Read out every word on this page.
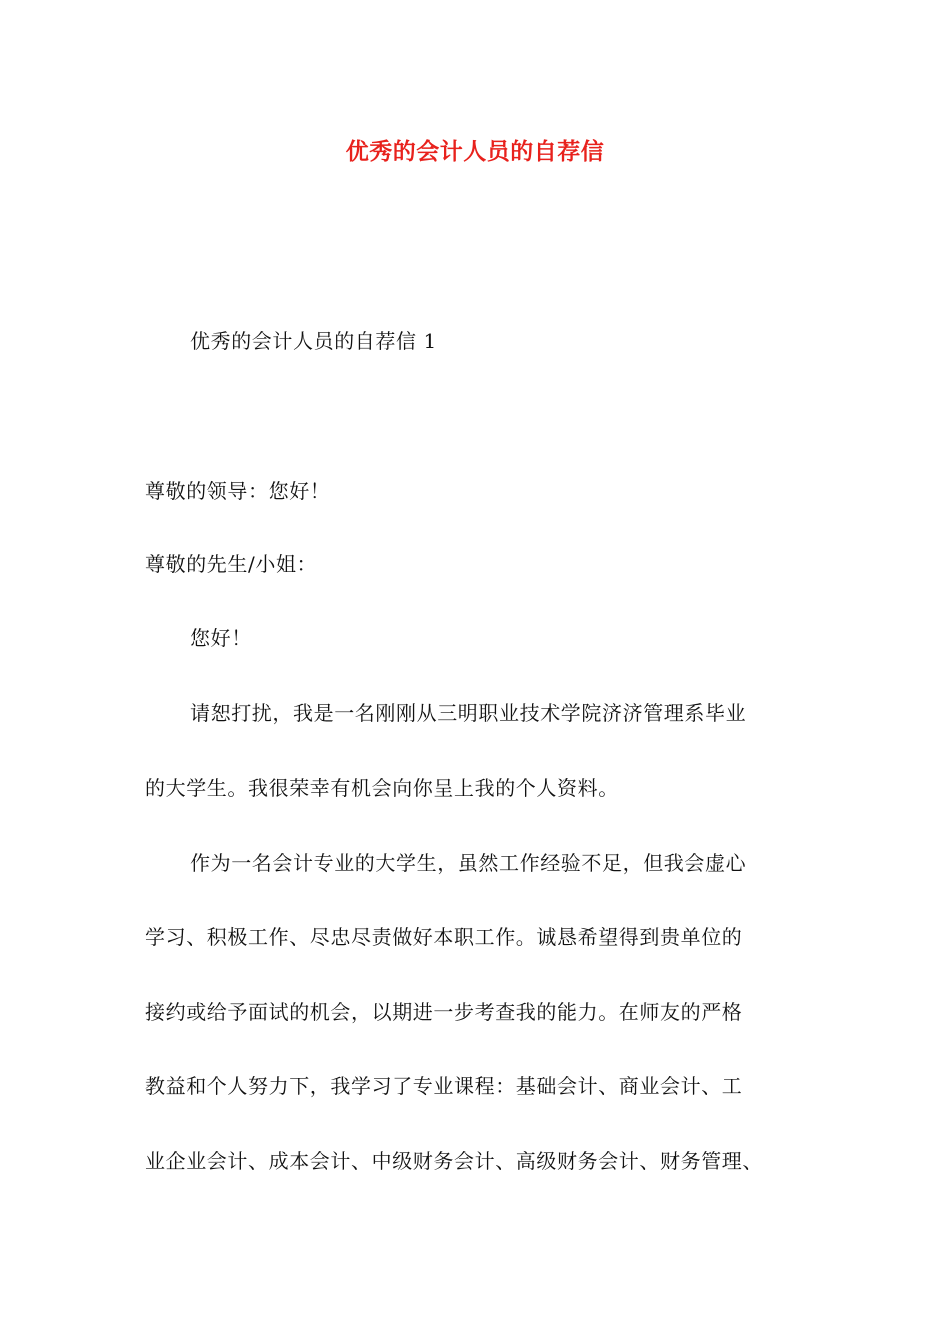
优秀的会计人员的自荐信
优秀的会计人员的自荐信 1
尊敬的领导：您好！
尊敬的先生/小姐：
您好！
请恕打扰，我是一名刚刚从三明职业技术学院济济管理系毕业
的大学生。我很荣幸有机会向你呈上我的个人资料。
作为一名会计专业的大学生，虽然工作经验不足，但我会虚心
学习、积极工作、尽忠尽责做好本职工作。诚恳希望得到贵单位的
接约或给予面试的机会，以期进一步考查我的能力。在师友的严格
教益和个人努力下，我学习了专业课程：基础会计、商业会计、工
业企业会计、成本会计、中级财务会计、高级财务会计、财务管理、
